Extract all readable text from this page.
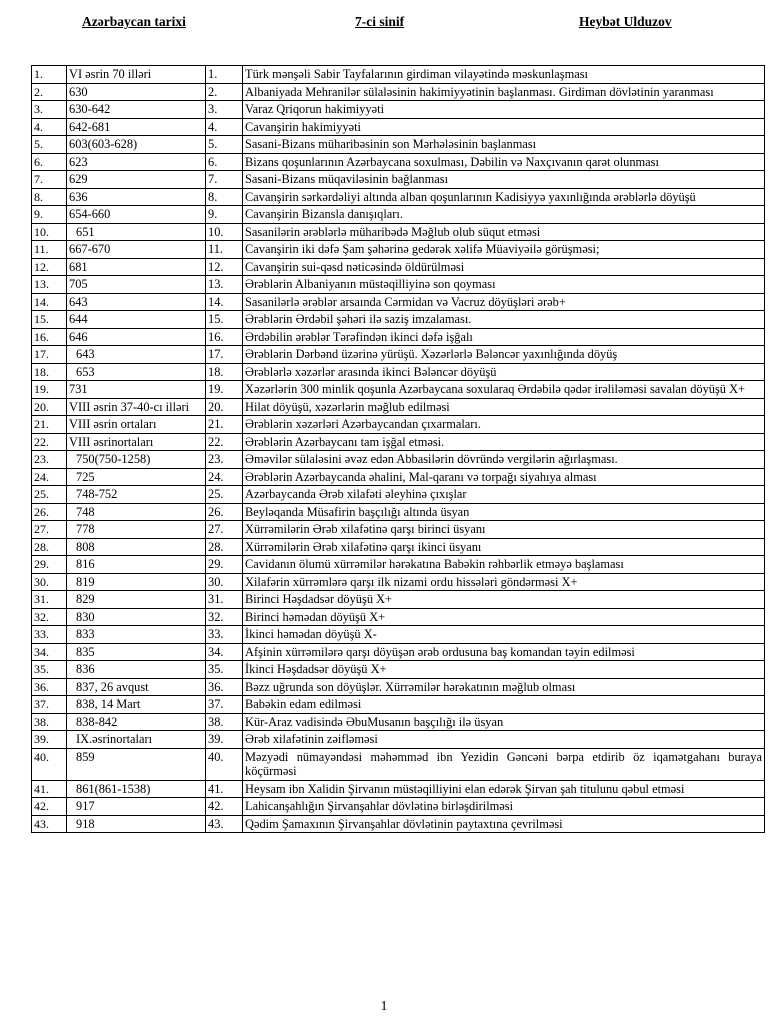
Azərbaycan tarixi	7-ci sinif	Heybət Ulduzov
1.	VI əsrin 70 illəri	1.	Türk mənşəli Sabir Tayfalarının girdiman vilayətində məskunlaşması
2.	630	2.	Albaniyada Mehranilər sülaləsinin hakimiyyətinin başlanması. Girdiman dövlətinin yaranması
3.	630-642	3.	Varaz Qriqorun hakimiyyəti
4.	642-681	4.	Cavanşirin hakimiyyəti
5.	603(603-628)	5.	Sasani-Bizans müharibəsinin son Mərhələsinin başlanması
6.	623	6.	Bizans qoşunlarının Azərbaycana soxulması, Dəbilin və Naxçıvanın qarət olunması
7.	629	7.	Sasani-Bizans müqaviləsinin bağlanması
8.	636	8.	Cavanşirin sərkərdəliyi altında alban qoşunlarının Kadisiyyə yaxınlığında ərəblərlə döyüşü
9.	654-660	9.	Cavanşirin Bizansla danışıqları.
10.	651	10.	Sasanilərin ərəblərlə müharibədə Məğlub olub süqut etməsi
11.	667-670	11.	Cavanşirin iki dəfə Şam şəhərinə gedərək xəlifə Müaviyəilə görüşməsi;
12.	681	12.	Cavanşirin sui-qəsd nəticəsində öldürülməsi
13.	705	13.	Ərəblərin Albaniyanın müstəqilliyinə son qoyması
14.	643	14.	Sasanilərlə ərəblər arsaında Cərmidan və Vacruz döyüşləri ərəb+
15.	644	15.	Ərəblərin Ərdəbil şəhəri ilə saziş imzalaması.
16.	646	16.	Ərdəbilin ərəblər Tərəfindən ikinci dəfə işğalı
17.	643	17.	Ərəblərin Dərbənd üzərinə yürüşü. Xəzərlərlə Bələncər yaxınlığında döyüş
18.	653	18.	Ərəblərlə xəzərlər arasında ikinci Bələncər döyüşü
19.	731	19.	Xəzərlərin 300 minlik qoşunla Azərbaycana soxularaq Ərdəbilə qədər irəliləməsi savalan döyüşü X+
20.	VIII əsrin 37-40-cı illəri	20.	Hilat döyüşü, xəzərlərin məğlub edilməsi
21.	VIII əsrin ortaları	21.	Ərəblərin xəzərləri Azərbaycandan çıxarmaları.
22.	VIII əsrinortaları	22.	Ərəblərin Azərbaycanı tam işğal etməsi.
23.	750(750-1258)	23.	Əməvilər sülaləsini əvəz edən Abbasilərin dövründə vergilərin ağırlaşması.
24.	725	24.	Ərəblərin Azərbaycanda əhalini, Mal-qaranı və torpağı siyahıya alması
25.	748-752	25.	Azərbaycanda Ərəb xilafəti əleyhinə çıxışlar
26.	748	26.	Beyləqanda Müsafirin başçılığı altında üsyan
27.	778	27.	Xürrəmilərin Ərəb xilafətinə qarşı birinci üsyanı
28.	808	28.	Xürrəmilərin Ərəb xilafətinə qarşı ikinci üsyanı
29.	816	29.	Cavidanın ölumü xürrəmilər hərəkatına Babəkin rəhbərlik etməyə başlaması
30.	819	30.	Xilafərin xürrəmlərə qarşı ilk nizami ordu hissələri göndərməsi X+
31.	829	31.	Birinci Həşdadsər döyüşü X+
32.	830	32.	Birinci həmədan döyüşü X+
33.	833	33.	İkinci həmədan döyüşü X-
34.	835	34.	Afşinin xürrəmilərə qarşı döyüşən ərəb ordusuna baş komandan təyin edilməsi
35.	836	35.	İkinci Həşdadsər döyüşü X+
36.	837, 26 avqust	36.	Bəzz uğrunda son döyüşlər. Xürrəmilər hərəkatının məğlub olması
37.	838, 14 Mart	37.	Babəkin edam edilməsi
38.	838-842	38.	Kür-Araz vadisində ƏbuMusanın başçılığı ilə üsyan
39.	IX.əsrinortaları	39.	Ərəb xilafətinin zəifləməsi
40.	859	40.	Məzyədi nümayəndəsi məhəmməd ibn Yezidin Gəncəni bərpa etdirib öz iqamətgahanı buraya köçürməsi
41.	861(861-1538)	41.	Heysam ibn Xalidin Şirvanın müstəqilliyini elan edərək Şirvan şah titulunu qəbul etməsi
42.	917	42.	Lahicanşahlığın Şirvanşahlar dövlətinə birləşdirilməsi
43.	918	43.	Qədim Şamaxının Şirvanşahlar dövlətinin paytaxtına çevrilməsi
1
